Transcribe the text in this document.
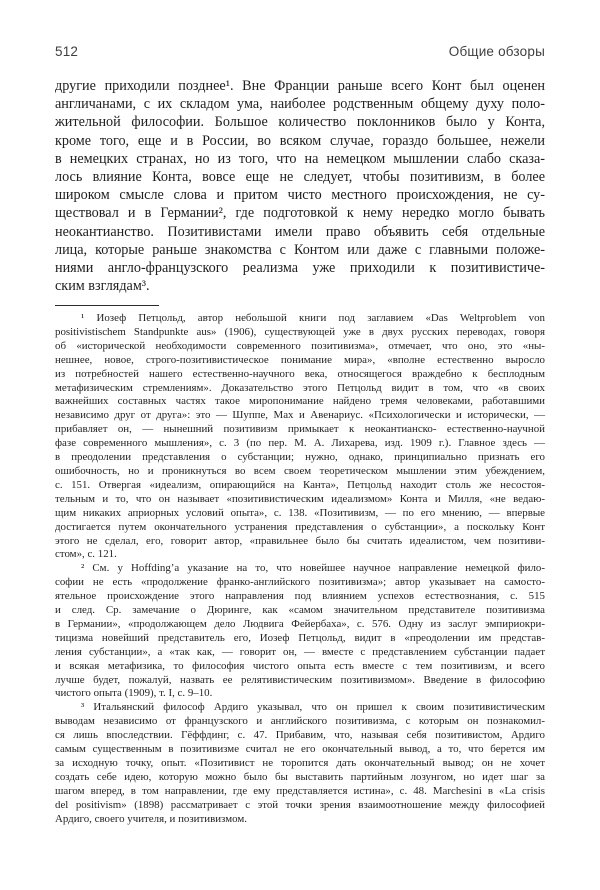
512	Общие обзоры
другие приходили позднее¹. Вне Франции раньше всего Конт был оценен
англичанами, с их складом ума, наиболее родственным общему духу поло-
жительной философии. Большое количество поклонников было у Конта,
кроме того, еще и в России, во всяком случае, гораздо большее, нежели
в немецких странах, но из того, что на немецком мышлении слабо сказа-
лось влияние Конта, вовсе еще не следует, чтобы позитивизм, в более
широком смысле слова и притом чисто местного происхождения, не су-
ществовал и в Германии², где подготовкой к нему нередко могло бывать
неокантианство. Позитивистами имели право объявить себя отдельные
лица, которые раньше знакомства с Контом или даже с главными положе-
ниями англо-французского реализма уже приходили к позитивистиче-
ским взглядам³.
¹ Иозеф Петцольд, автор небольшой книги под заглавием «Das Weltproblem von
positivistischem Standpunkte aus» (1906), существующей уже в двух русских переводах, говоря
об «исторической необходимости современного позитивизма», отмечает, что оно, это «ны-
нешнее, новое, строго-позитивистическое понимание мира», «вполне естественно выросло
из потребностей нашего естественно-научного века, относящегося враждебно к бесплодным
метафизическим стремлениям». Доказательство этого Петцольд видит в том, что «в своих
важнейших составных частях такое миропонимание найдено тремя человеками, работавшими
независимо друг от друга»: это — Шуппе, Мах и Авенариус. «Психологически и исторически, —
прибавляет он, — нынешний позитивизм примыкает к неокантианско- естественно-научной
фазе современного мышления», с. 3 (по пер. М. А. Лихарева, изд. 1909 г.). Главное здесь —
в преодолении представления о субстанции; нужно, однако, принципиально признать его
ошибочность, но и проникнуться во всем своем теоретическом мышлении этим убеждением,
с. 151. Отвергая «идеализм, опирающийся на Канта», Петцольд находит столь же несостоя-
тельным и то, что он называет «позитивистическим идеализмом» Конта и Милля, «не ведаю-
щим никаких априорных условий опыта», с. 138. «Позитивизм, — по его мнению, — впервые
достигается путем окончательного устранения представления о субстанции», а поскольку Конт
этого не сделал, его, говорит автор, «правильнее было бы считать идеалистом, чем позитиви-
стом», с. 121.
² См. у Hoffding’а указание на то, что новейшее научное направление немецкой фило-
софии не есть «продолжение франко-английского позитивизма»; автор указывает на самосто-
ятельное происхождение этого направления под влиянием успехов естествознания, с. 515
и след. Ср. замечание о Дюринге, как «самом значительном представителе позитивизма
в Германии», «продолжающем дело Людвига Фейербаха», с. 576. Одну из заслуг эмпириокри-
тицизма новейший представитель его, Иозеф Петцольд, видит в «преодолении им представ-
ления субстанции», а «так как, — говорит он, — вместе с представлением субстанции падает
и всякая метафизика, то философия чистого опыта есть вместе с тем позитивизм, и всего
лучше будет, пожалуй, назвать ее релятивистическим позитивизмом». Введение в философию
чистого опыта (1909), т. I, с. 9–10.
³ Итальянский философ Ардиго указывал, что он пришел к своим позитивистическим
выводам независимо от французского и английского позитивизма, с которым он познакомил-
ся лишь впоследствии. Гёффдинг, с. 47. Прибавим, что, называя себя позитивистом, Ардиго
самым существенным в позитивизме считал не его окончательный вывод, а то, что берется им
за исходную точку, опыт. «Позитивист не торопится дать окончательный вывод; он не хочет
создать себе идею, которую можно было бы выставить партийным лозунгом, но идет шаг за
шагом вперед, в том направлении, где ему представляется истина», с. 48. Marchesini в «La crisis
del positivism» (1898) рассматривает с этой точки зрения взаимоотношение между философией
Ардиго, своего учителя, и позитивизмом.
